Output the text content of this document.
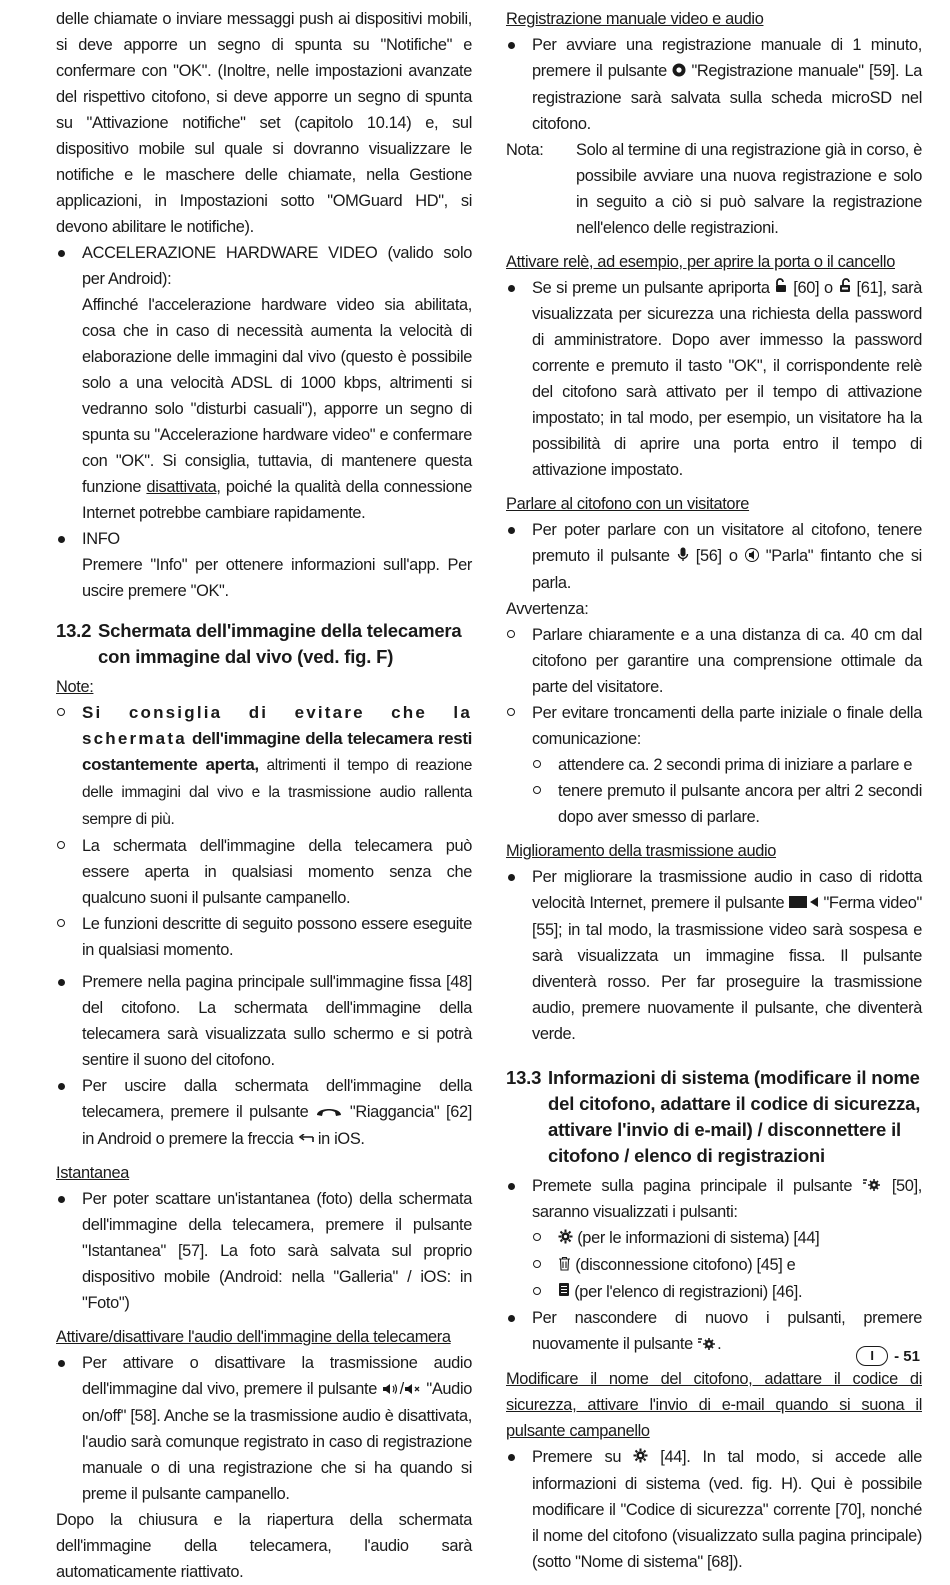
delle chiamate o inviare messaggi push ai dispositivi mobili, si deve apporre un segno di spunta su "Notifiche" e confermare con "OK". (Inoltre, nelle impostazioni avanzate del rispettivo citofono, si deve apporre un segno di spunta su "Attivazione notifiche" set (capitolo 10.14) e, sul dispositivo mobile sul quale si dovranno visualizzare le notifiche e le maschere delle chiamate, nella Gestione applicazioni, in Impostazioni sotto "OMGuard HD", si devono abilitare le notifiche).

ACCELERAZIONE HARDWARE VIDEO (valido solo per Android):
Affinché l'accelerazione hardware video sia abilitata, cosa che in caso di necessità aumenta la velocità di elaborazione delle immagini dal vivo (questo è possibile solo a una velocità ADSL di 1000 kbps, altrimenti si vedranno solo "disturbi casuali"), apporre un segno di spunta su "Accelerazione hardware video" e confermare con "OK". Si consiglia, tuttavia, di mantenere questa funzione disattivata, poiché la qualità della connessione Internet potrebbe cambiare rapidamente.
INFO
Premere "Info" per ottenere informazioni sull'app. Per uscire premere "OK".
13.2 Schermata dell'immagine della telecamera con immagine dal vivo (ved. fig. F)

Note:

Si consiglia di evitare che la schermata dell'immagine della telecamera resti costantemente aperta, altrimenti il tempo di reazione delle immagini dal vivo e la trasmissione audio rallenta sempre di più.
La schermata dell'immagine della telecamera può essere aperta in qualsiasi momento senza che qualcuno suoni il pulsante campanello.
Le funzioni descritte di seguito possono essere eseguite in qualsiasi momento.
Premere nella pagina principale sull'immagine fissa [48] del citofono. La schermata dell'immagine della telecamera sarà visualizzata sullo schermo e si potrà sentire il suono del citofono.
Per uscire dalla schermata dell'immagine della telecamera, premere il pulsante  "Riaggancia" [62] in Android o premere la freccia  in iOS.

Istantanea

Per poter scattare un'istantanea (foto) della schermata dell'immagine della telecamera, premere il pulsante "Istantanea" [57]. La foto sarà salvata sul proprio dispositivo mobile (Android: nella "Galleria" / iOS: in "Foto")

Attivare/disattivare l'audio dell'immagine della telecamera

Per attivare o disattivare la trasmissione audio dell'immagine dal vivo, premere il pulsante / "Audio on/off" [58]. Anche se la trasmissione audio è disattivata, l'audio sarà comunque registrato in caso di registrazione manuale o di una registrazione che si ha quando si preme il pulsante campanello.

Dopo la chiusura e la riapertura della schermata dell'immagine della telecamera, l'audio sarà automaticamente riattivato.

Registrazione manuale video e audio

Per avviare una registrazione manuale di 1 minuto, premere il pulsante  "Registrazione manuale" [59]. La registrazione sarà salvata sulla scheda microSD nel citofono.
Nota:	Solo al termine di una registrazione già in corso, è possibile avviare una nuova registrazione e solo in seguito a ciò si può salvare la registrazione nell'elenco delle registrazioni.

Attivare relè, ad esempio, per aprire la porta o il cancello

Se si preme un pulsante apriporta  [60] o  [61], sarà visualizzata per sicurezza una richiesta della password di amministratore. Dopo aver immesso la password corrente e premuto il tasto "OK", il corrispondente relè del citofono sarà attivato per il tempo di attivazione impostato; in tal modo, per esempio, un visitatore ha la possibilità di aprire una porta entro il tempo di attivazione impostato.

Parlare al citofono con un visitatore

Per poter parlare con un visitatore al citofono, tenere premuto il pulsante  [56] o  "Parla" fintanto che si parla.

Avvertenza:

Parlare chiaramente e a una distanza di ca. 40 cm dal citofono per garantire una comprensione ottimale da parte del visitatore.
Per evitare troncamenti della parte iniziale o finale della comunicazione:
attendere ca. 2 secondi prima di iniziare a parlare e
tenere premuto il pulsante ancora per altri 2 secondi dopo aver smesso di parlare.

Miglioramento della trasmissione audio

Per migliorare la trasmissione audio in caso di ridotta velocità Internet, premere il pulsante  "Ferma video" [55]; in tal modo, la trasmissione video sarà sospesa e sarà visualizzata un immagine fissa. Il pulsante diventerà rosso. Per far proseguire la trasmissione audio, premere nuovamente il pulsante, che diventerà verde.
13.3 Informazioni di sistema (modificare il nome del citofono, adattare il codice di sicurezza, attivare l'invio di e-mail) / disconnettere il citofono / elenco di registrazioni
Premete sulla pagina principale il pulsante  [50], saranno visualizzati i pulsanti:
(per le informazioni di sistema) [44]
(disconnessione citofono) [45] e
(per l'elenco di registrazioni) [46].
Per nascondere di nuovo i pulsanti, premere nuovamente il pulsante .

Modificare il nome del citofono, adattare il codice di sicurezza, attivare l'invio di e-mail quando si suona il pulsante campanello

Premere su  [44]. In tal modo, si accede alle informazioni di sistema (ved. fig. H). Qui è possibile modificare il "Codice di sicurezza" corrente [70], nonché il nome del citofono (visualizzato sulla pagina principale) (sotto "Nome di sistema" [68]).
I	- 51
